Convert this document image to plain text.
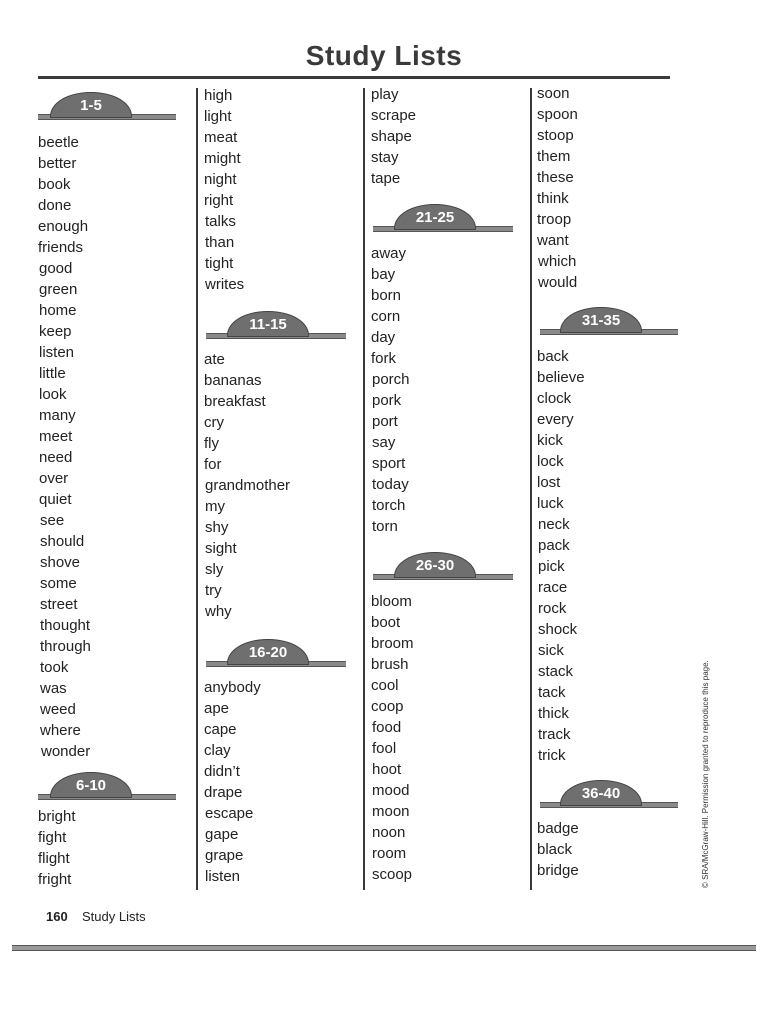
Study Lists
1-5
beetle
better
book
done
enough
friends
good
green
home
keep
listen
little
look
many
meet
need
over
quiet
see
should
shove
some
street
thought
through
took
was
weed
where
wonder
6-10
bright
fight
flight
fright
high
light
meat
might
night
right
talks
than
tight
writes
11-15
ate
bananas
breakfast
cry
fly
for
grandmother
my
shy
sight
sly
try
why
16-20
anybody
ape
cape
clay
didn’t
drape
escape
gape
grape
listen
play
scrape
shape
stay
tape
21-25
away
bay
born
corn
day
fork
porch
pork
port
say
sport
today
torch
torn
26-30
bloom
boot
broom
brush
cool
coop
food
fool
hoot
mood
moon
noon
room
scoop
soon
spoon
stoop
them
these
think
troop
want
which
would
31-35
back
believe
clock
every
kick
lock
lost
luck
neck
pack
pick
race
rock
shock
sick
stack
tack
thick
track
trick
36-40
badge
black
bridge
160 Study Lists
© SRA/McGraw-Hill. Permission granted to reproduce this page.
